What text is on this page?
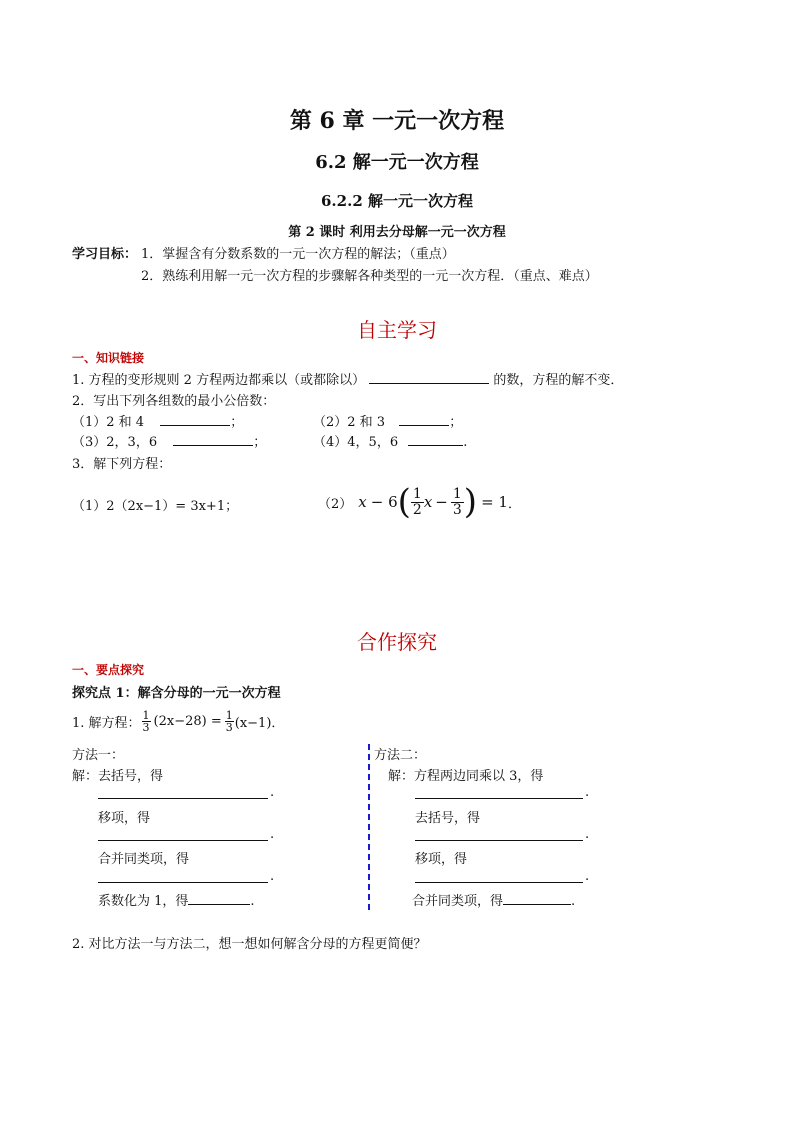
第 6 章 一元一次方程
6.2 解一元一次方程
6.2.2 解一元一次方程
第 2 课时 利用去分母解一元一次方程
学习目标： 1．掌握含有分数系数的一元一次方程的解法；（重点）
2．熟练利用解一元一次方程的步骤解各种类型的一元一次方程．（重点、难点）
自主学习
一、知识链接
1. 方程的变形规则 2 方程两边都乘以（或都除以）	的数，方程的解不变．
2．写出下列各组数的最小公倍数：
（1）2 和 4	；	（2）2 和 3	；
（3）2，3，6	；	（4）4，5，6	.
3．解下列方程：
（1）2（2x−1）= 3x+1；	（2） x − 6 ( $\frac{1}{2}$ $x - \frac{1}{3}$ ) = 1 ．
合作探究
一、要点探究
探究点 1：解含分母的一元一次方程
1. 解方程： $\frac{1}{3} (2x-28) = \frac{1}{3} (x-1)$．
方法一：
解：去括号，得
.
移项，得
.
合并同类项，得
.
系数化为 1，得	.
方法二：
解：方程两边同乘以 3，得
.
去括号，得
.
移项，得
.
合并同类项，得	.
2. 对比方法一与方法二，想一想如何解含分母的方程更简便？
